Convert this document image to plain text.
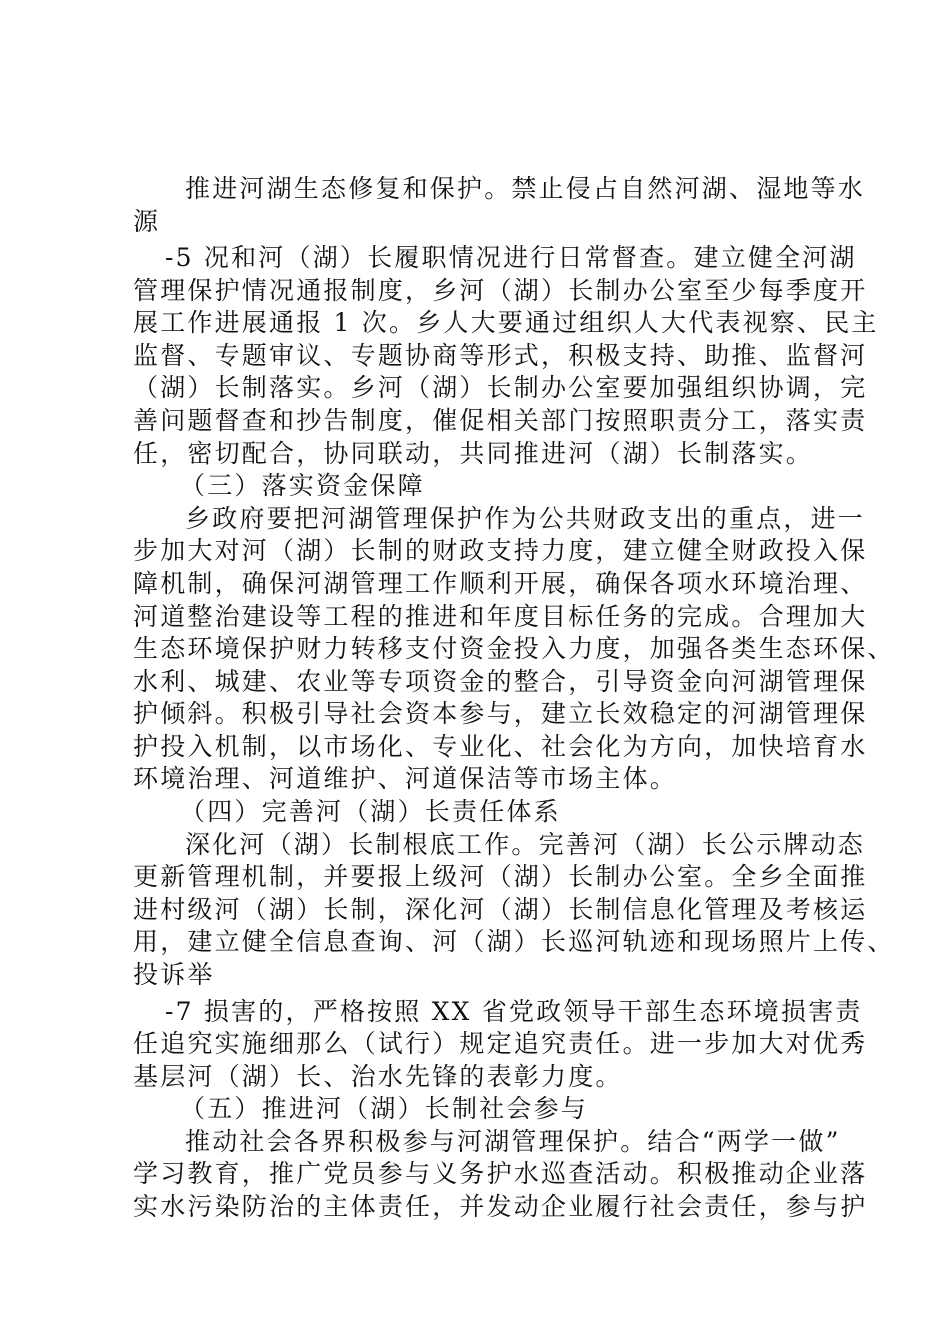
推进河湖生态修复和保护。禁止侵占自然河湖、湿地等水
源
-5 况和河（湖）长履职情况进行日常督查。建立健全河湖
管理保护情况通报制度，乡河（湖）长制办公室至少每季度开
展工作进展通报 1 次。乡人大要通过组织人大代表视察、民主
监督、专题审议、专题协商等形式，积极支持、助推、监督河
（湖）长制落实。乡河（湖）长制办公室要加强组织协调，完
善问题督查和抄告制度，催促相关部门按照职责分工，落实责
任，密切配合，协同联动，共同推进河（湖）长制落实。
（三）落实资金保障
乡政府要把河湖管理保护作为公共财政支出的重点，进一
步加大对河（湖）长制的财政支持力度，建立健全财政投入保
障机制，确保河湖管理工作顺利开展，确保各项水环境治理、
河道整治建设等工程的推进和年度目标任务的完成。合理加大
生态环境保护财力转移支付资金投入力度，加强各类生态环保、
水利、城建、农业等专项资金的整合，引导资金向河湖管理保
护倾斜。积极引导社会资本参与，建立长效稳定的河湖管理保
护投入机制，以市场化、专业化、社会化为方向，加快培育水
环境治理、河道维护、河道保洁等市场主体。
（四）完善河（湖）长责任体系
深化河（湖）长制根底工作。完善河（湖）长公示牌动态
更新管理机制，并要报上级河（湖）长制办公室。全乡全面推
进村级河（湖）长制，深化河（湖）长制信息化管理及考核运
用，建立健全信息查询、河（湖）长巡河轨迹和现场照片上传、
投诉举
-7 损害的，严格按照 XX 省党政领导干部生态环境损害责
任追究实施细那么（试行）规定追究责任。进一步加大对优秀
基层河（湖）长、治水先锋的表彰力度。
（五）推进河（湖）长制社会参与
推动社会各界积极参与河湖管理保护。结合“两学一做”
学习教育，推广党员参与义务护水巡查活动。积极推动企业落
实水污染防治的主体责任，并发动企业履行社会责任，参与护
